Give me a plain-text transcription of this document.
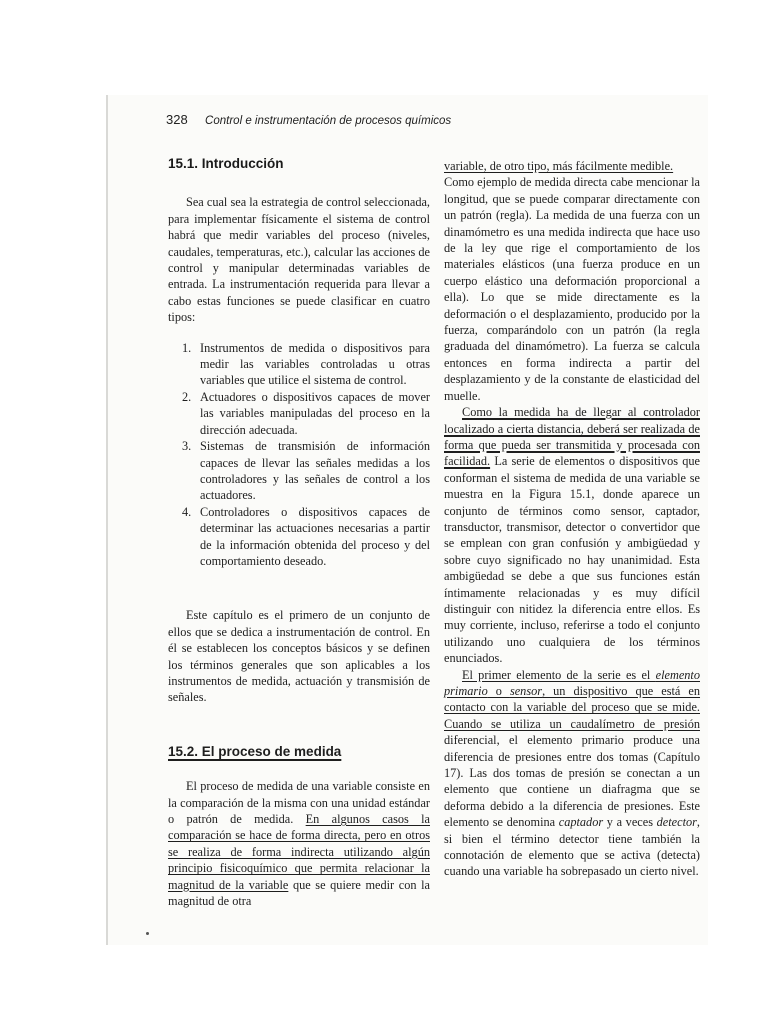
328 Control e instrumentación de procesos químicos
15.1. Introducción

Sea cual sea la estrategia de control seleccionada, para implementar físicamente el sistema de control habrá que medir variables del proceso (niveles, caudales, temperaturas, etc.), calcular las acciones de control y manipular determinadas variables de entrada. La instrumentación requerida para llevar a cabo estas funciones se puede clasificar en cuatro tipos:

1. Instrumentos de medida o dispositivos para medir las variables controladas u otras variables que utilice el sistema de control.
2. Actuadores o dispositivos capaces de mover las variables manipuladas del proceso en la dirección adecuada.
3. Sistemas de transmisión de información capaces de llevar las señales medidas a los controladores y las señales de control a los actuadores.
4. Controladores o dispositivos capaces de determinar las actuaciones necesarias a partir de la información obtenida del proceso y del comportamiento deseado.

Este capítulo es el primero de un conjunto de ellos que se dedica a instrumentación de control. En él se establecen los conceptos básicos y se definen los términos generales que son aplicables a los instrumentos de medida, actuación y transmisión de señales.

15.2. El proceso de medida

El proceso de medida de una variable consiste en la comparación de la misma con una unidad estándar o patrón de medida. En algunos casos la comparación se hace de forma directa, pero en otros se realiza de forma indirecta utilizando algún principio fisicoquímico que permita relacionar la magnitud de la variable que se quiere medir con la magnitud de otra

variable, de otro tipo, más fácilmente medible.

Como ejemplo de medida directa cabe mencionar la longitud, que se puede comparar directamente con un patrón (regla). La medida de una fuerza con un dinamómetro es una medida indirecta que hace uso de la ley que rige el comportamiento de los materiales elásticos (una fuerza produce en un cuerpo elástico una deformación proporcional a ella). Lo que se mide directamente es la deformación o el desplazamiento, producido por la fuerza, comparándolo con un patrón (la regla graduada del dinamómetro). La fuerza se calcula entonces en forma indirecta a partir del desplazamiento y de la constante de elasticidad del muelle.

Como la medida ha de llegar al controlador localizado a cierta distancia, deberá ser realizada de forma que pueda ser transmitida y procesada con facilidad. La serie de elementos o dispositivos que conforman el sistema de medida de una variable se muestra en la Figura 15.1, donde aparece un conjunto de términos como sensor, captador, transductor, transmisor, detector o convertidor que se emplean con gran confusión y ambigüedad y sobre cuyo significado no hay unanimidad. Esta ambigüedad se debe a que sus funciones están íntimamente relacionadas y es muy difícil distinguir con nitidez la diferencia entre ellos. Es muy corriente, incluso, referirse a todo el conjunto utilizando uno cualquiera de los términos enunciados.

El primer elemento de la serie es el elemento primario o sensor, un dispositivo que está en contacto con la variable del proceso que se mide. Cuando se utiliza un caudalímetro de presión diferencial, el elemento primario produce una diferencia de presiones entre dos tomas (Capítulo 17). Las dos tomas de presión se conectan a un elemento que contiene un diafragma que se deforma debido a la diferencia de presiones. Este elemento se denomina captador y a veces detector, si bien el término detector tiene también la connotación de elemento que se activa (detecta) cuando una variable ha sobrepasado un cierto nivel.
